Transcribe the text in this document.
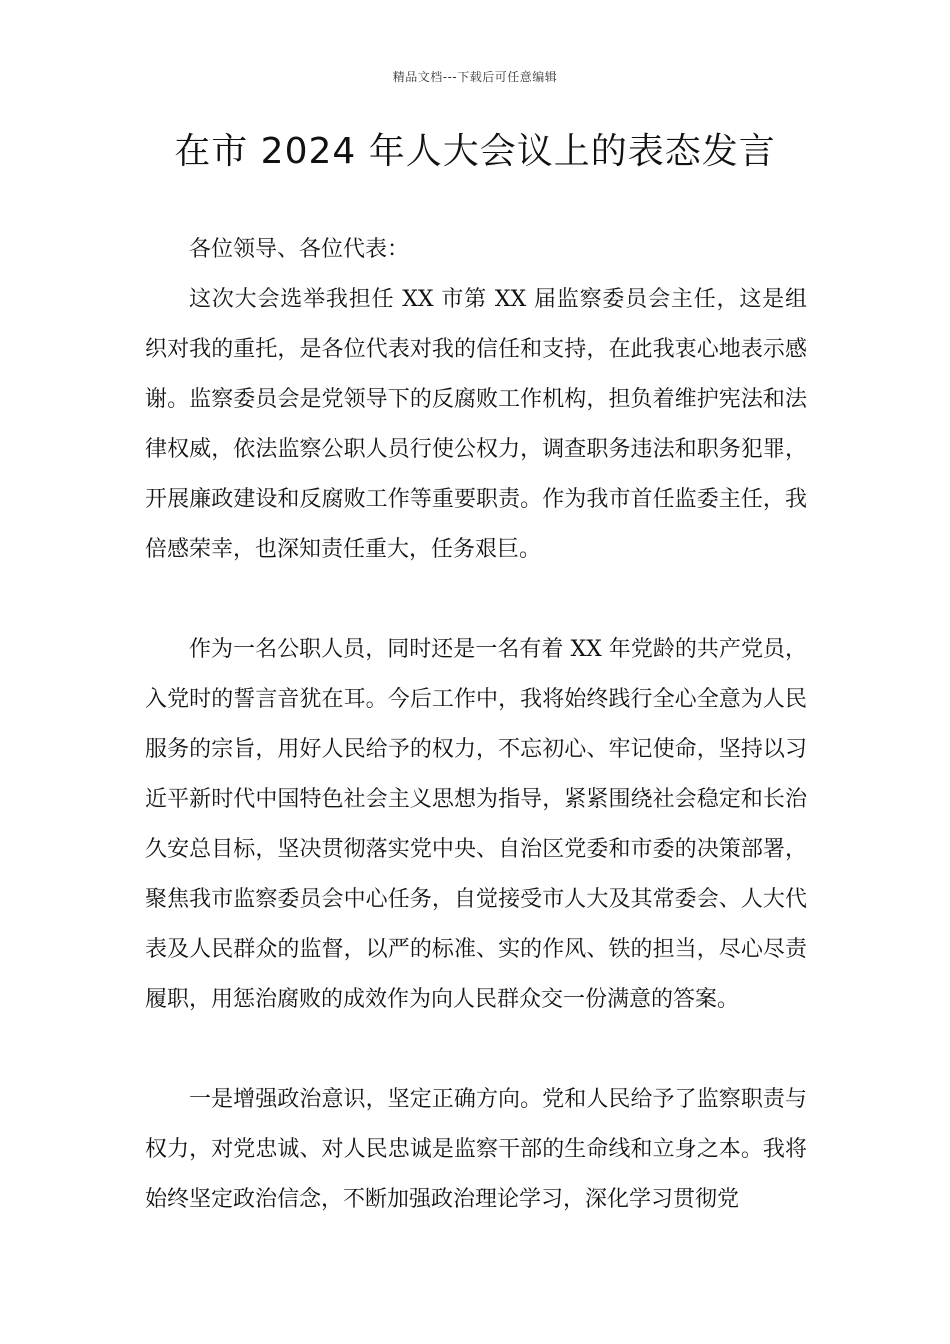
精品文档---下载后可任意编辑
在市 2024 年人大会议上的表态发言

各位领导、各位代表：

这次大会选举我担任 XX 市第 XX 届监察委员会主任，这是组织对我的重托，是各位代表对我的信任和支持，在此我衷心地表示感谢。监察委员会是党领导下的反腐败工作机构，担负着维护宪法和法律权威，依法监察公职人员行使公权力，调查职务违法和职务犯罪，开展廉政建设和反腐败工作等重要职责。作为我市首任监委主任，我倍感荣幸，也深知责任重大，任务艰巨。

作为一名公职人员，同时还是一名有着 XX 年党龄的共产党员，入党时的誓言音犹在耳。今后工作中，我将始终践行全心全意为人民服务的宗旨，用好人民给予的权力，不忘初心、牢记使命，坚持以习近平新时代中国特色社会主义思想为指导，紧紧围绕社会稳定和长治久安总目标，坚决贯彻落实党中央、自治区党委和市委的决策部署，聚焦我市监察委员会中心任务，自觉接受市人大及其常委会、人大代表及人民群众的监督，以严的标准、实的作风、铁的担当，尽心尽责履职，用惩治腐败的成效作为向人民群众交一份满意的答案。

一是增强政治意识，坚定正确方向。党和人民给予了监察职责与权力，对党忠诚、对人民忠诚是监察干部的生命线和立身之本。我将始终坚定政治信念，不断加强政治理论学习，深化学习贯彻党
